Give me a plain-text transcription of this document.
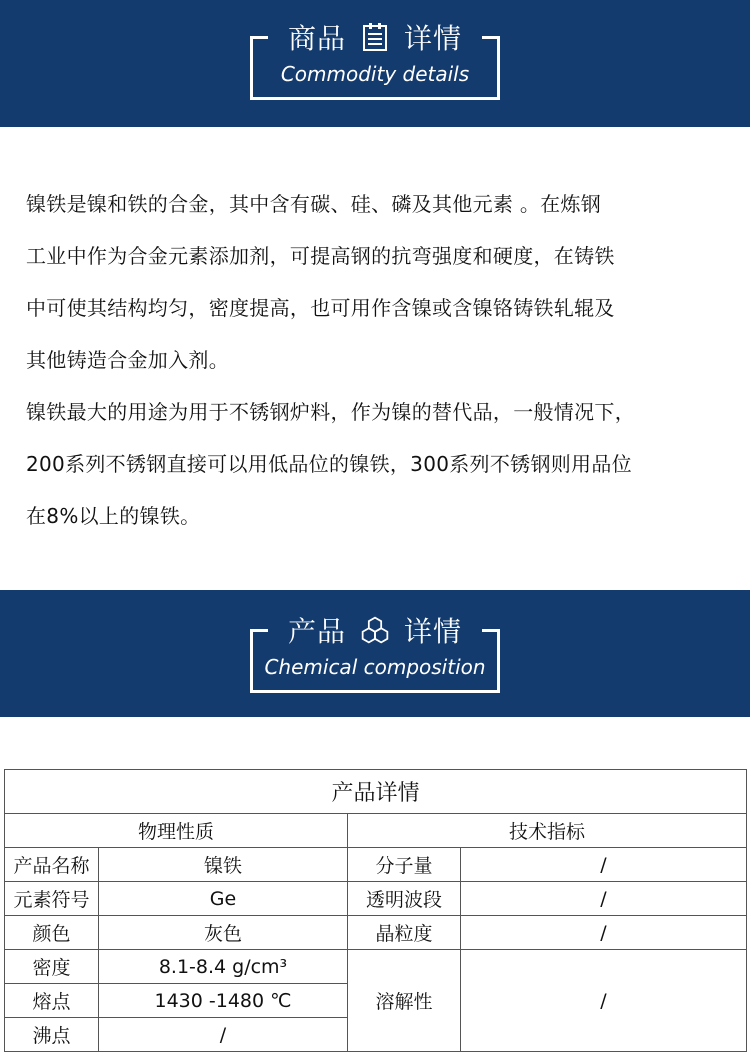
商品 详情
Commodity details

镍铁是镍和铁的合金，其中含有碳、硅、磷及其他元素 。在炼钢

工业中作为合金元素添加剂，可提高钢的抗弯强度和硬度，在铸铁

中可使其结构均匀，密度提高，也可用作含镍或含镍铬铸铁轧辊及

其他铸造合金加入剂。

镍铁最大的用途为用于不锈钢炉料，作为镍的替代品，一般情况下，

200系列不锈钢直接可以用低品位的镍铁，300系列不锈钢则用品位

在8%以上的镍铁。

产品 详情
Chemical composition
产品详情			
物理性质		技术指标	
产品名称	镍铁	分子量	/
元素符号	Ge	透明波段	/
颜色	灰色	晶粒度	/
密度	8.1-8.4 g/cm³	溶解性	/
熔点	1430 -1480 ℃		
沸点	/		
